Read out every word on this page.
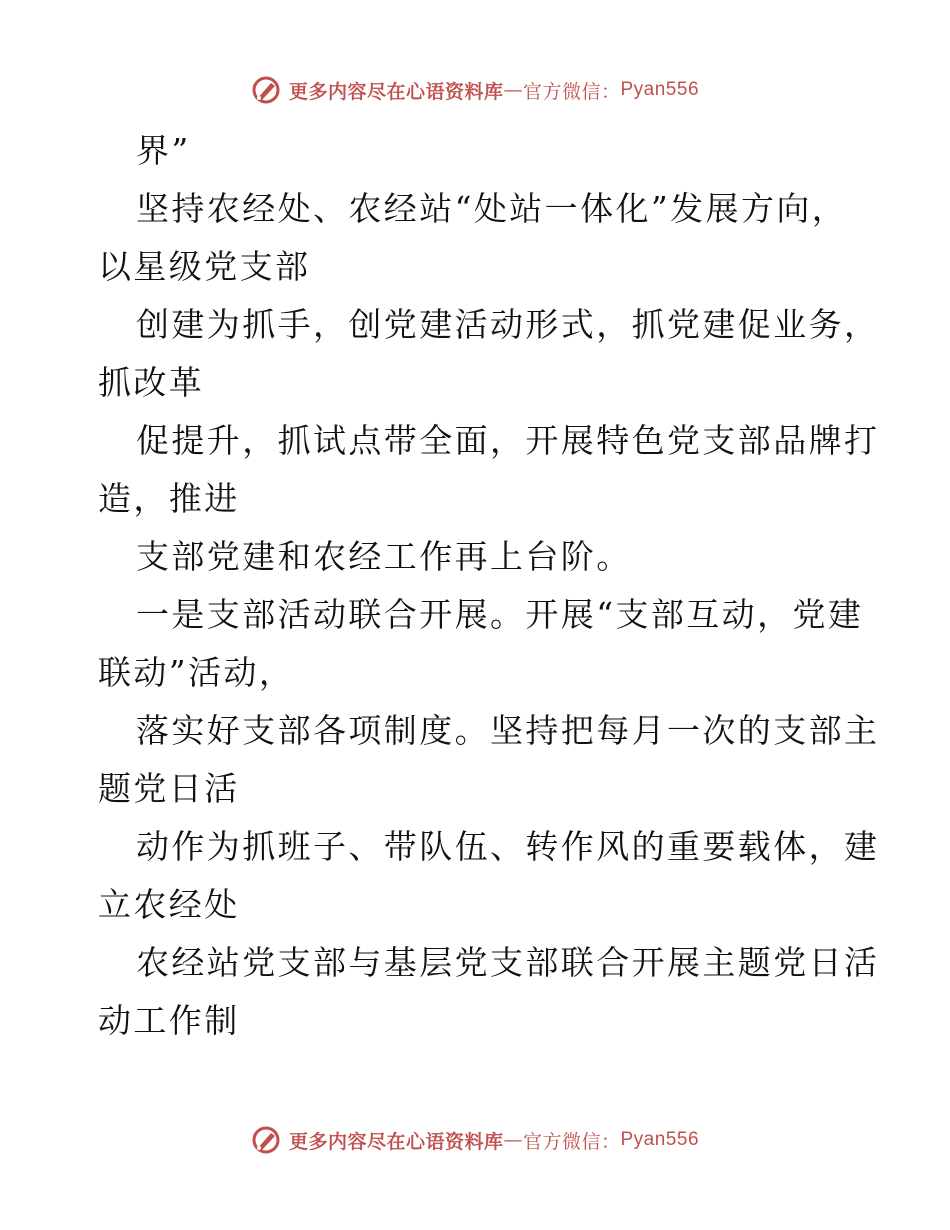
更多内容尽在心语资料库 — 官方微信： Pyan556
界”
坚持农经处、农经站“处站一体化”发展方向，
以星级党支部
创建为抓手，创党建活动形式，抓党建促业务，
抓改革
促提升，抓试点带全面，开展特色党支部品牌打
造，推进
支部党建和农经工作再上台阶。
一是支部活动联合开展。开展“支部互动，党建
联动”活动，
落实好支部各项制度。坚持把每月一次的支部主
题党日活
动作为抓班子、带队伍、转作风的重要载体，建
立农经处
农经站党支部与基层党支部联合开展主题党日活
动工作制
更多内容尽在心语资料库 — 官方微信： Pyan556
